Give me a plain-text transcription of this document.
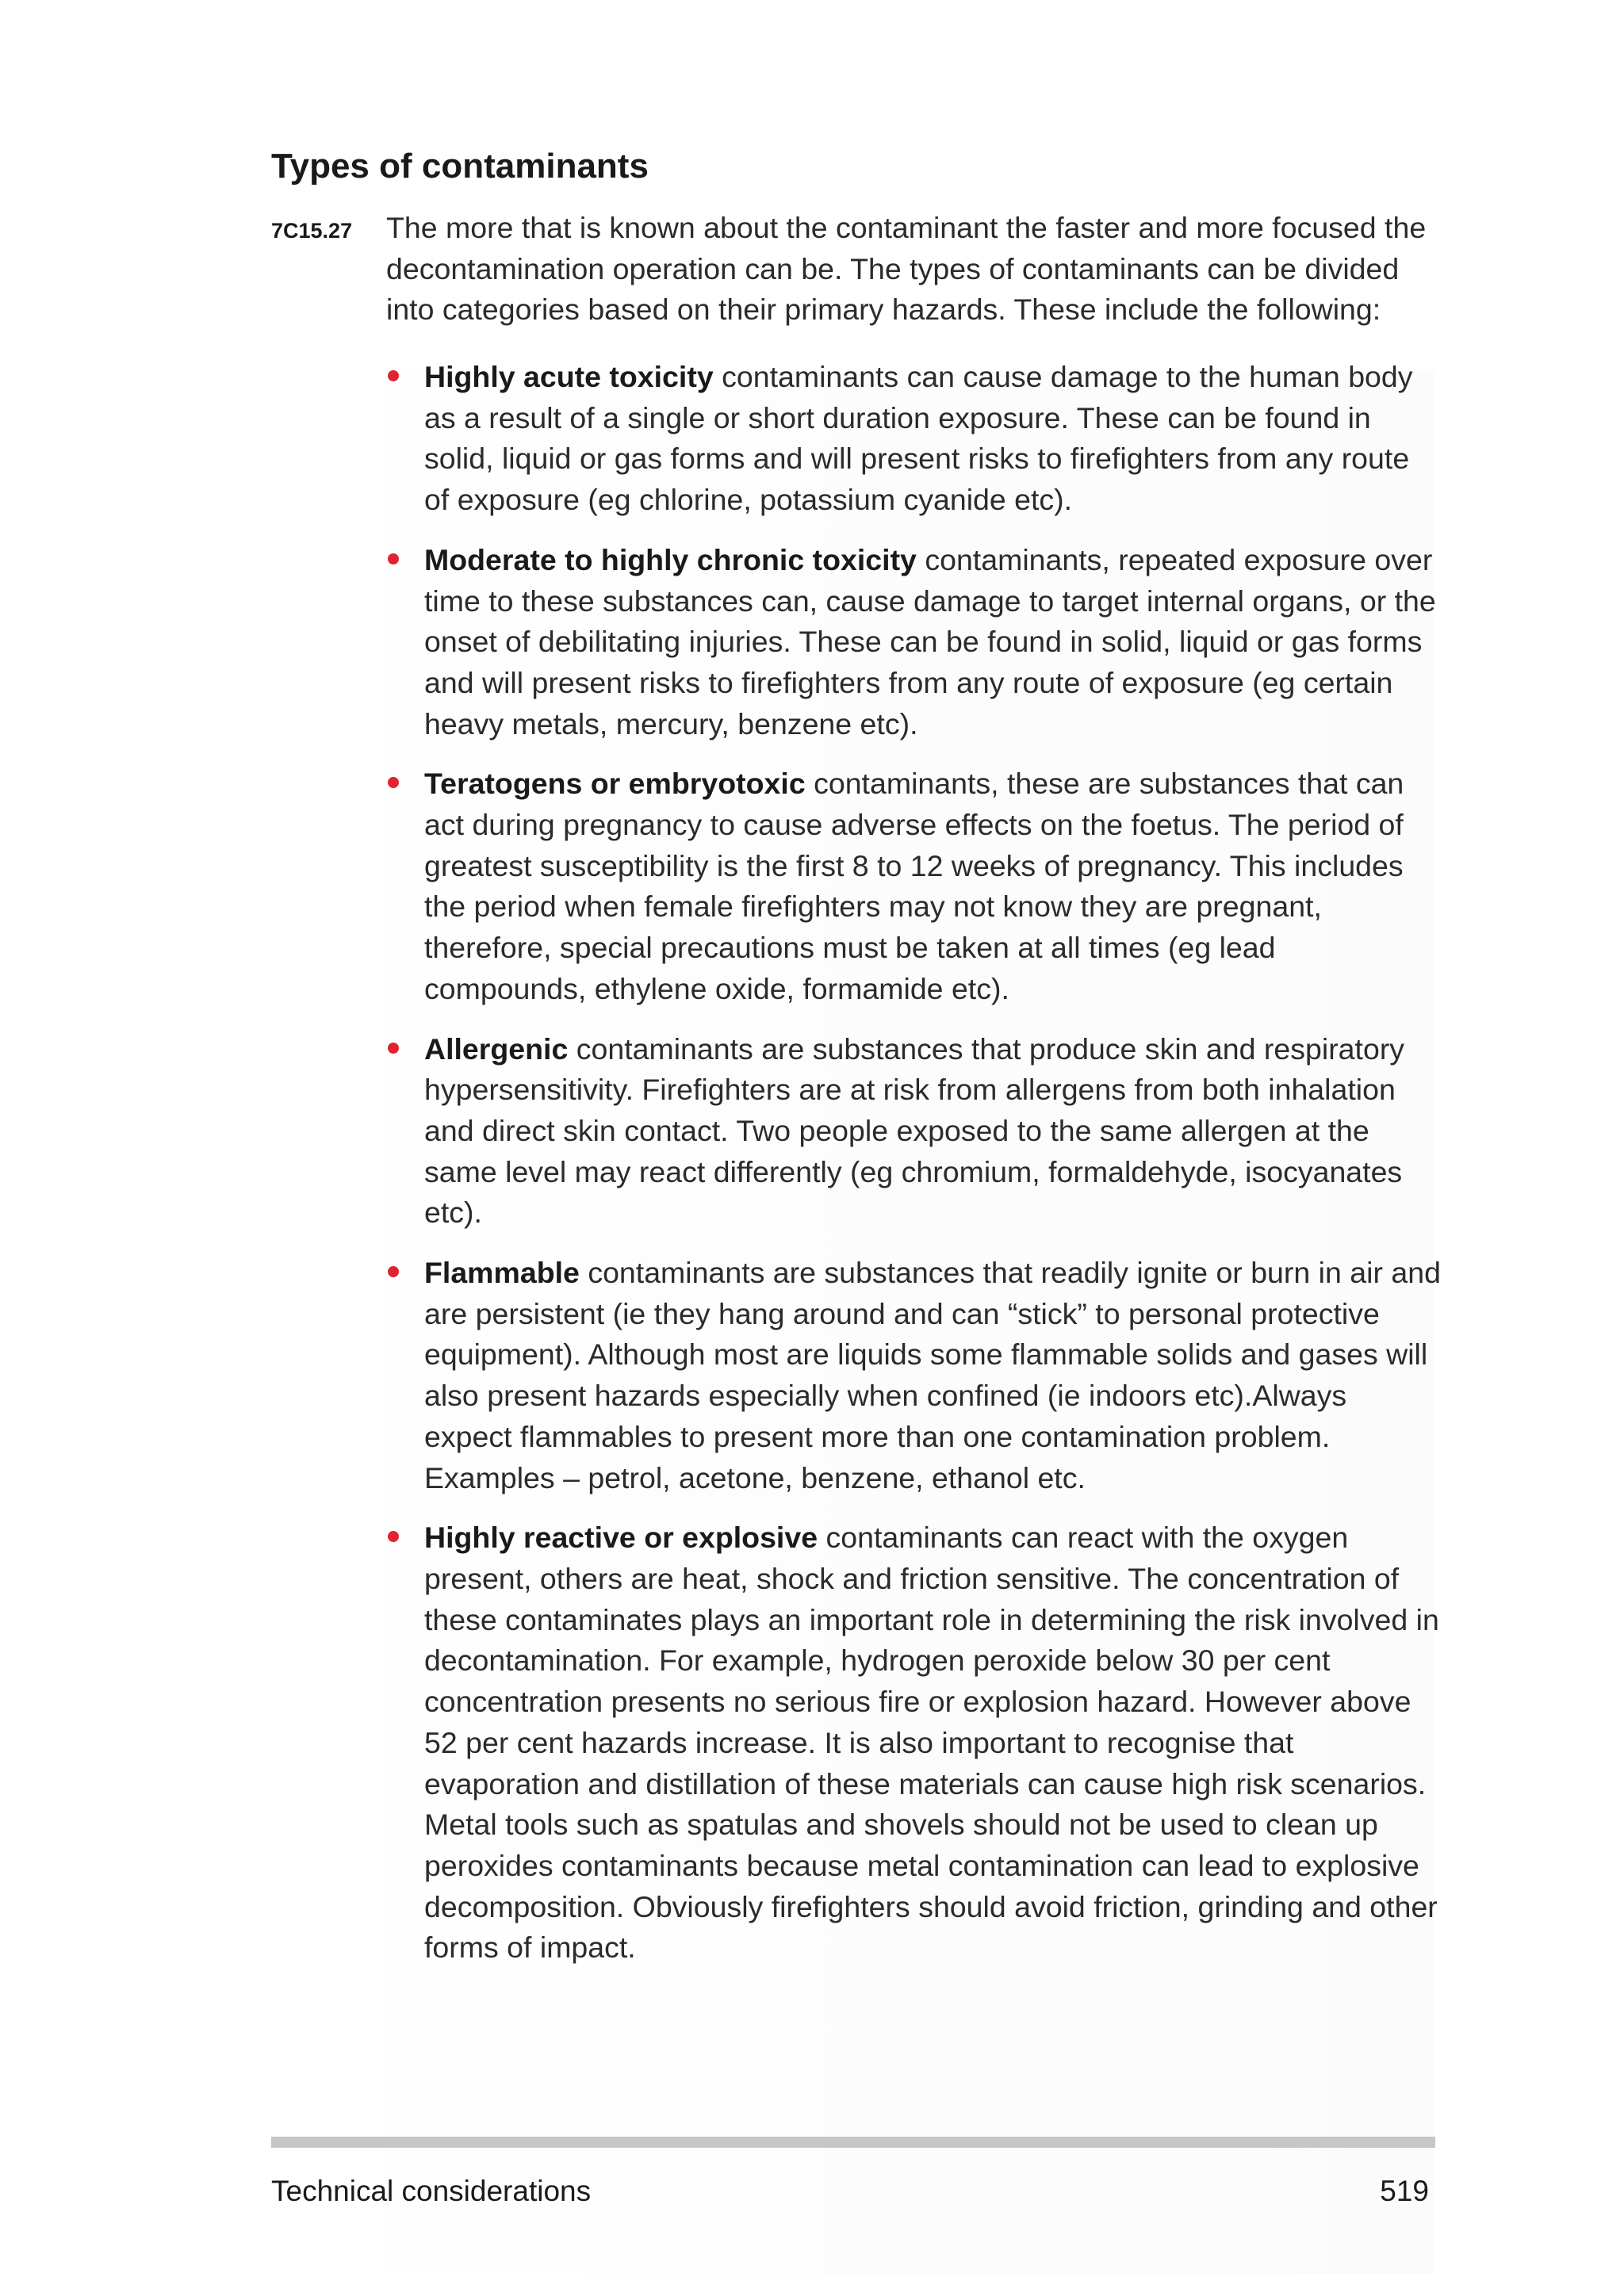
Types of contaminants
7C15.27 The more that is known about the contaminant the faster and more focused the decontamination operation can be. The types of contaminants can be divided into categories based on their primary hazards. These include the following:

Highly acute toxicity contaminants can cause damage to the human body as a result of a single or short duration exposure. These can be found in solid, liquid or gas forms and will present risks to firefighters from any route of exposure (eg chlorine, potassium cyanide etc).
Moderate to highly chronic toxicity contaminants, repeated exposure over time to these substances can, cause damage to target internal organs, or the onset of debilitating injuries. These can be found in solid, liquid or gas forms and will present risks to firefighters from any route of exposure (eg certain heavy metals, mercury, benzene etc).
Teratogens or embryotoxic contaminants, these are substances that can act during pregnancy to cause adverse effects on the foetus. The period of greatest susceptibility is the first 8 to 12 weeks of pregnancy. This includes the period when female firefighters may not know they are pregnant, therefore, special precautions must be taken at all times (eg lead compounds, ethylene oxide, formamide etc).
Allergenic contaminants are substances that produce skin and respiratory hypersensitivity. Firefighters are at risk from allergens from both inhalation and direct skin contact. Two people exposed to the same allergen at the same level may react differently (eg chromium, formaldehyde, isocyanates etc).
Flammable contaminants are substances that readily ignite or burn in air and are persistent (ie they hang around and can “stick” to personal protective equipment). Although most are liquids some flammable solids and gases will also present hazards especially when confined (ie indoors etc).Always expect flammables to present more than one contamination problem. Examples – petrol, acetone, benzene, ethanol etc.
Highly reactive or explosive contaminants can react with the oxygen present, others are heat, shock and friction sensitive. The concentration of these contaminates plays an important role in determining the risk involved in decontamination. For example, hydrogen peroxide below 30 per cent concentration presents no serious fire or explosion hazard. However above 52 per cent hazards increase. It is also important to recognise that evaporation and distillation of these materials can cause high risk scenarios. Metal tools such as spatulas and shovels should not be used to clean up peroxides contaminants because metal contamination can lead to explosive decomposition. Obviously firefighters should avoid friction, grinding and other forms of impact.
Technical considerations	519
